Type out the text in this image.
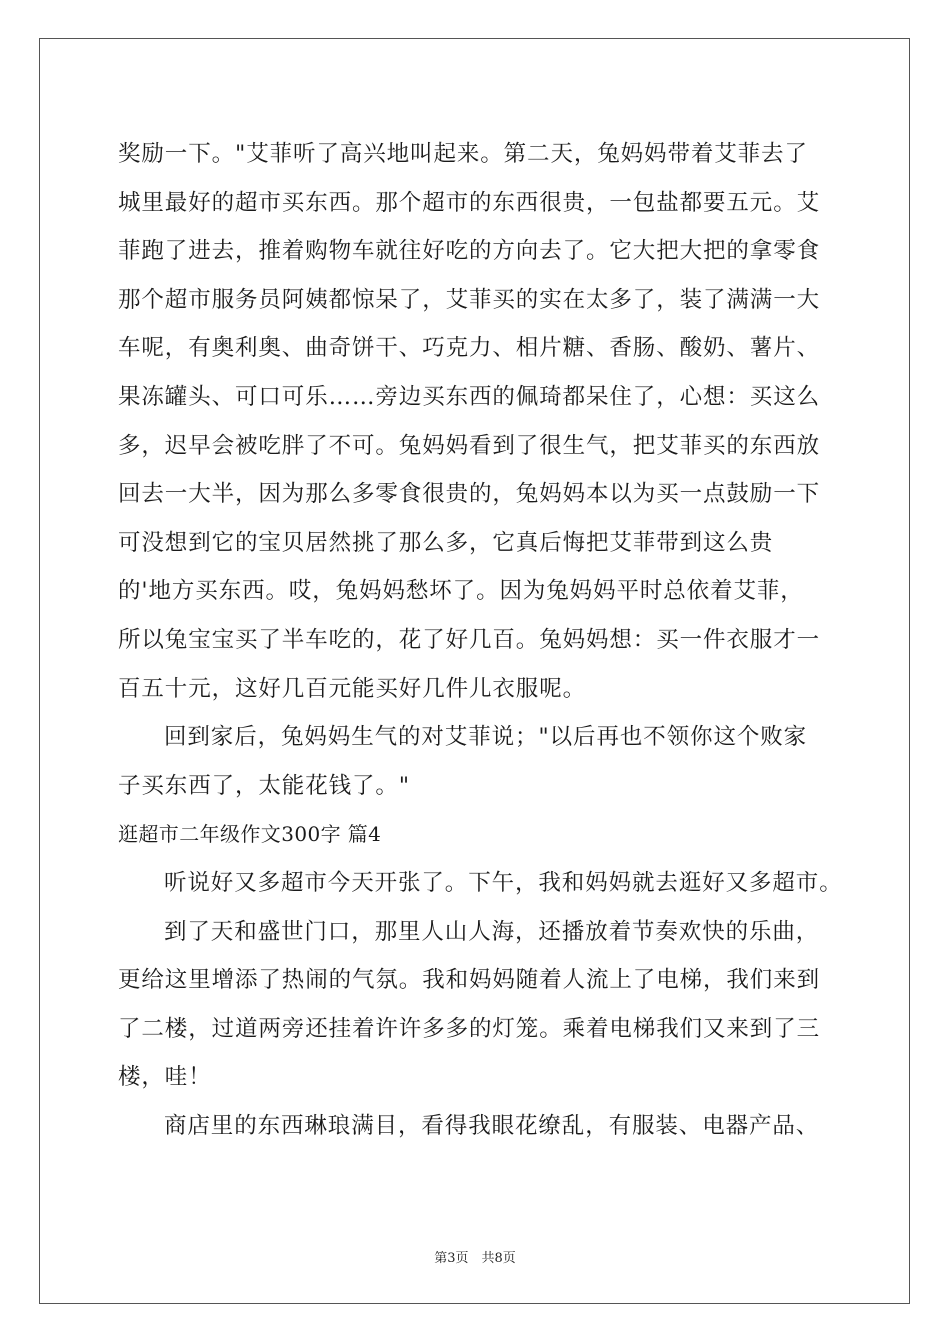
奖励一下。"艾菲听了高兴地叫起来。第二天，兔妈妈带着艾菲去了
城里最好的超市买东西。那个超市的东西很贵，一包盐都要五元。艾
菲跑了进去，推着购物车就往好吃的方向去了。它大把大把的拿零食
那个超市服务员阿姨都惊呆了，艾菲买的实在太多了，装了满满一大
车呢，有奥利奥、曲奇饼干、巧克力、相片糖、香肠、酸奶、薯片、
果冻罐头、可口可乐……旁边买东西的佩琦都呆住了，心想：买这么
多，迟早会被吃胖了不可。兔妈妈看到了很生气，把艾菲买的东西放
回去一大半，因为那么多零食很贵的，兔妈妈本以为买一点鼓励一下
可没想到它的宝贝居然挑了那么多，它真后悔把艾菲带到这么贵
的'地方买东西。哎，兔妈妈愁坏了。因为兔妈妈平时总依着艾菲，
所以兔宝宝买了半车吃的，花了好几百。兔妈妈想：买一件衣服才一
百五十元，这好几百元能买好几件儿衣服呢。
回到家后，兔妈妈生气的对艾菲说；"以后再也不领你这个败家
子买东西了，太能花钱了。"
逛超市二年级作文300字 篇4
听说好又多超市今天开张了。下午，我和妈妈就去逛好又多超市。
到了天和盛世门口，那里人山人海，还播放着节奏欢快的乐曲，
更给这里增添了热闹的气氛。我和妈妈随着人流上了电梯，我们来到
了二楼，过道两旁还挂着许许多多的灯笼。乘着电梯我们又来到了三
楼，哇！
商店里的东西琳琅满目，看得我眼花缭乱，有服装、电器产品、
第3页　共8页
